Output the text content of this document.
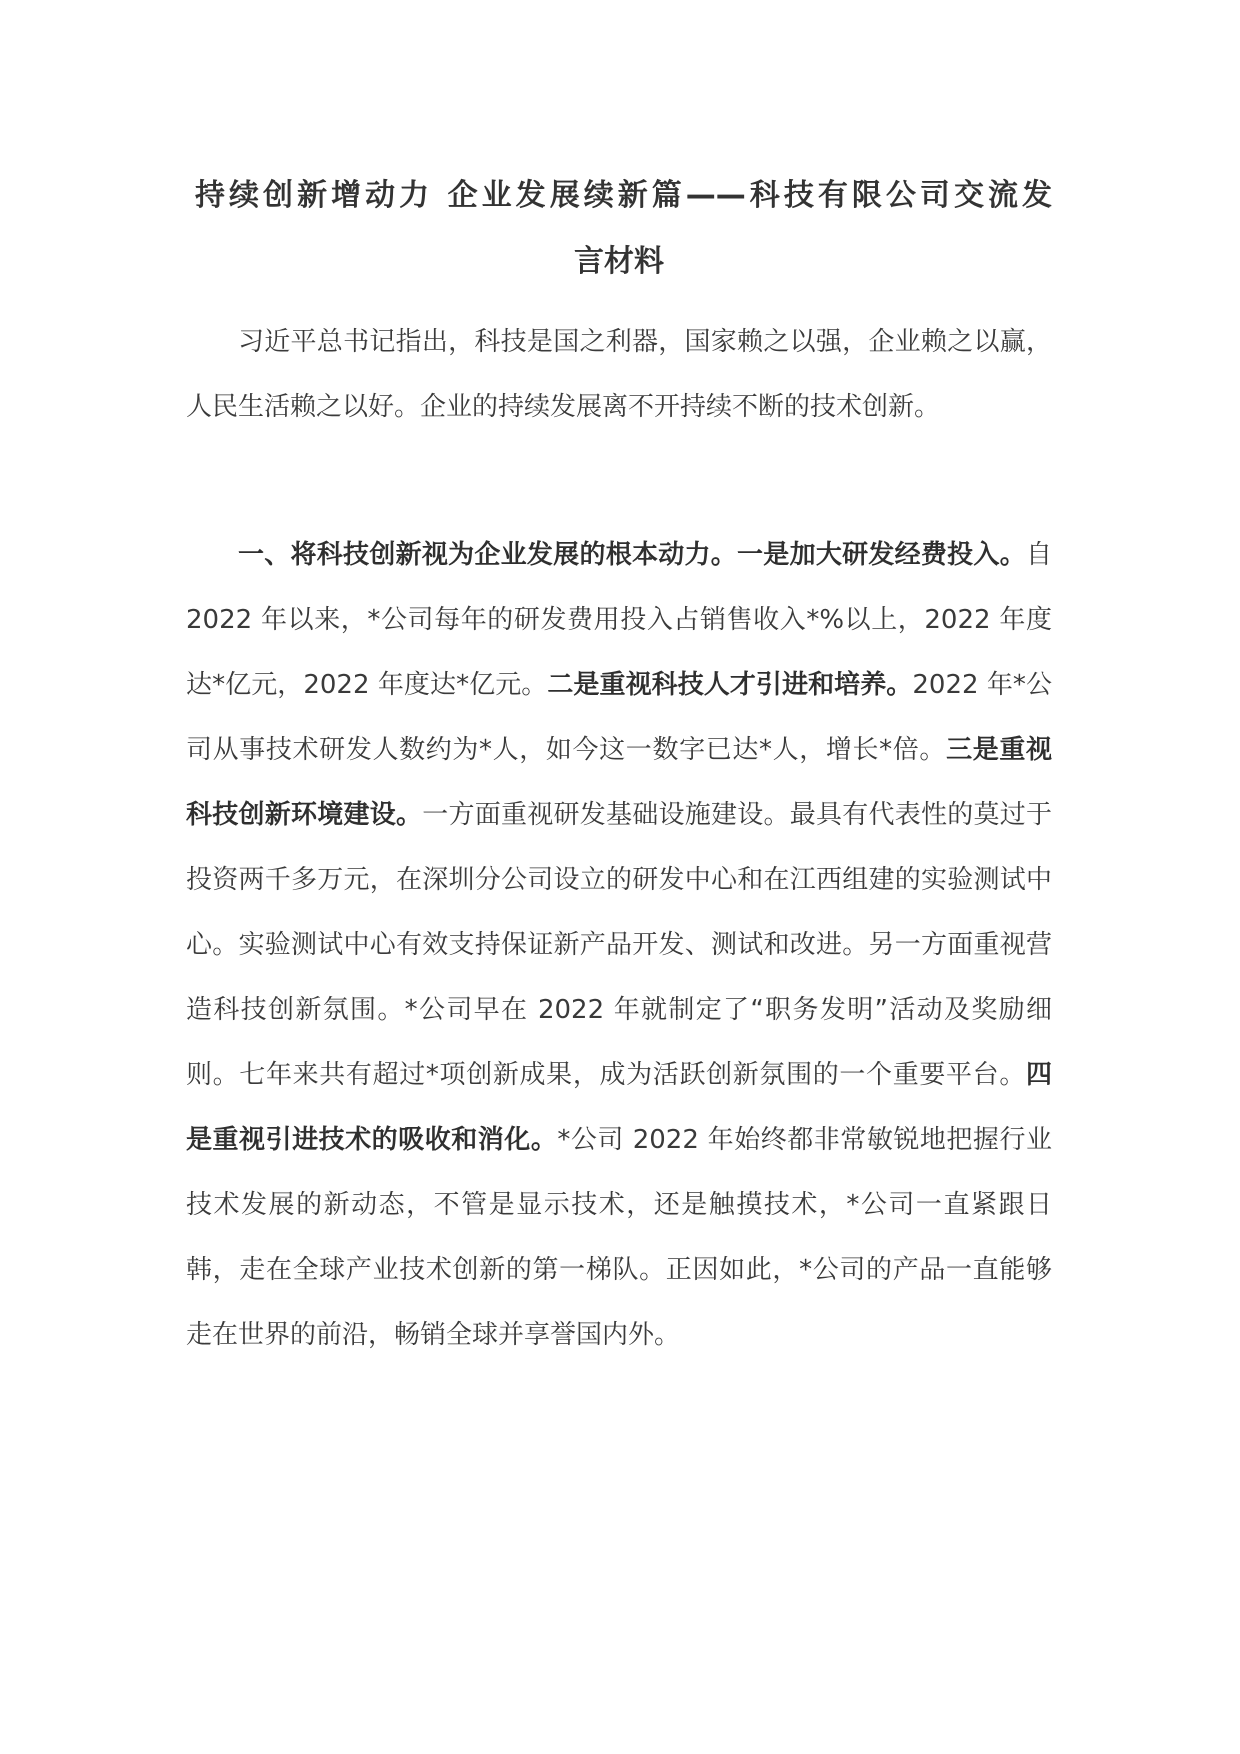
持续创新增动力 企业发展续新篇——科技有限公司交流发
言材料

习近平总书记指出，科技是国之利器，国家赖之以强，企业赖之以赢，人民生活赖之以好。企业的持续发展离不开持续不断的技术创新。

一、将科技创新视为企业发展的根本动力。一是加大研发经费投入。自 2022 年以来，*公司每年的研发费用投入占销售收入*%以上，2022 年度达*亿元，2022 年度达*亿元。二是重视科技人才引进和培养。2022 年*公司从事技术研发人数约为*人，如今这一数字已达*人，增长*倍。三是重视科技创新环境建设。一方面重视研发基础设施建设。最具有代表性的莫过于投资两千多万元，在深圳分公司设立的研发中心和在江西组建的实验测试中心。实验测试中心有效支持保证新产品开发、测试和改进。另一方面重视营造科技创新氛围。*公司早在 2022 年就制定了“职务发明”活动及奖励细则。七年来共有超过*项创新成果，成为活跃创新氛围的一个重要平台。四是重视引进技术的吸收和消化。*公司 2022 年始终都非常敏锐地把握行业技术发展的新动态，不管是显示技术，还是触摸技术，*公司一直紧跟日韩，走在全球产业技术创新的第一梯队。正因如此，*公司的产品一直能够走在世界的前沿，畅销全球并享誉国内外。
